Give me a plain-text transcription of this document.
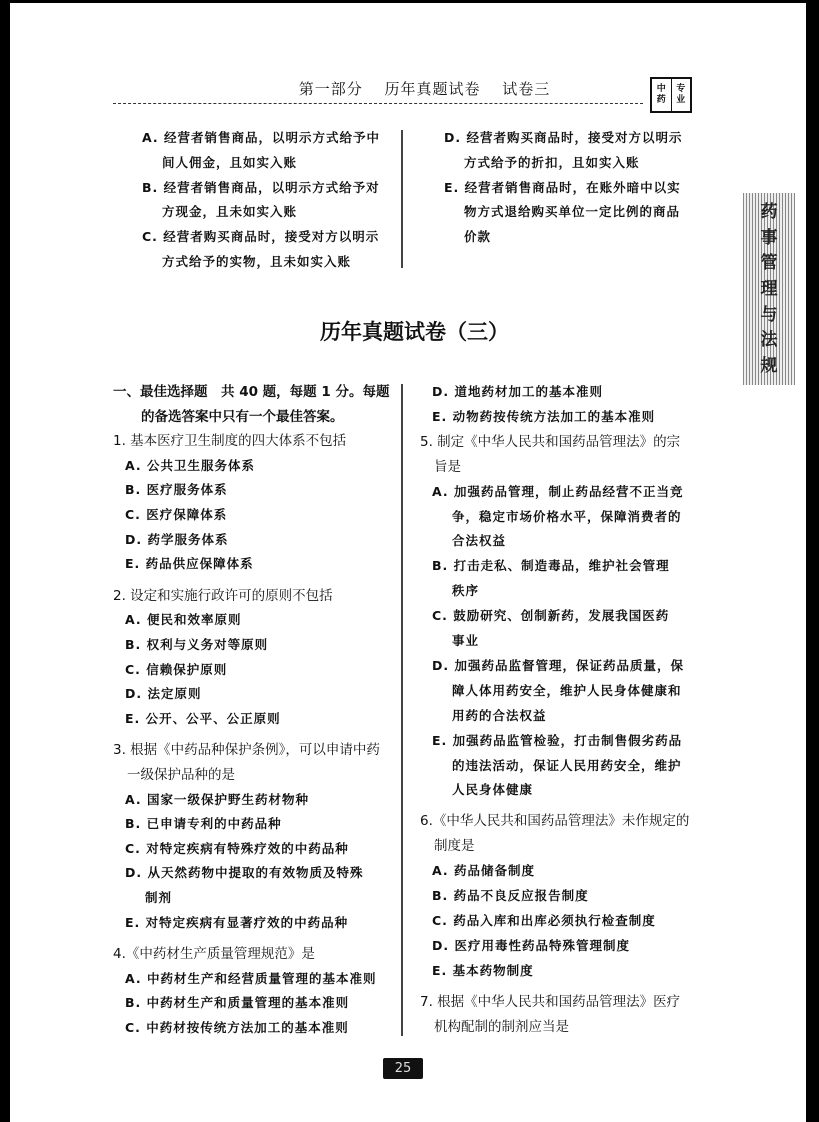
第一部分 历年真题试卷 试卷三	中
药
专
业
药
事
管
理
与
法
规
历年真题试卷（三）
A. 经营者销售商品，以明示方式给予中
间人佣金，且如实入账
B. 经营者销售商品，以明示方式给予对
方现金，且未如实入账
C. 经营者购买商品时，接受对方以明示
方式给予的实物，且未如实入账
D. 经营者购买商品时，接受对方以明示
方式给予的折扣，且如实入账
E. 经营者销售商品时，在账外暗中以实
物方式退给购买单位一定比例的商品
价款
一、最佳选择题　共 40 题，每题 1 分。每题
的备选答案中只有一个最佳答案。
1. 基本医疗卫生制度的四大体系不包括
A. 公共卫生服务体系
B. 医疗服务体系
C. 医疗保障体系
D. 药学服务体系
E. 药品供应保障体系
2. 设定和实施行政许可的原则不包括
A. 便民和效率原则
B. 权利与义务对等原则
C. 信赖保护原则
D. 法定原则
E. 公开、公平、公正原则
3. 根据《中药品种保护条例》，可以申请中药
一级保护品种的是
A. 国家一级保护野生药材物种
B. 已申请专利的中药品种
C. 对特定疾病有特殊疗效的中药品种
D. 从天然药物中提取的有效物质及特殊
制剂
E. 对特定疾病有显著疗效的中药品种
4.《中药材生产质量管理规范》是
A. 中药材生产和经营质量管理的基本准则
B. 中药材生产和质量管理的基本准则
C. 中药材按传统方法加工的基本准则
D. 道地药材加工的基本准则
E. 动物药按传统方法加工的基本准则
5. 制定《中华人民共和国药品管理法》的宗
旨是
A. 加强药品管理，制止药品经营不正当竞
争，稳定市场价格水平，保障消费者的
合法权益
B. 打击走私、制造毒品，维护社会管理
秩序
C. 鼓励研究、创制新药，发展我国医药
事业
D. 加强药品监督管理，保证药品质量，保
障人体用药安全，维护人民身体健康和
用药的合法权益
E. 加强药品监管检验，打击制售假劣药品
的违法活动，保证人民用药安全，维护
人民身体健康
6.《中华人民共和国药品管理法》未作规定的
制度是
A. 药品储备制度
B. 药品不良反应报告制度
C. 药品入库和出库必须执行检查制度
D. 医疗用毒性药品特殊管理制度
E. 基本药物制度
7. 根据《中华人民共和国药品管理法》医疗
机构配制的制剂应当是
25
